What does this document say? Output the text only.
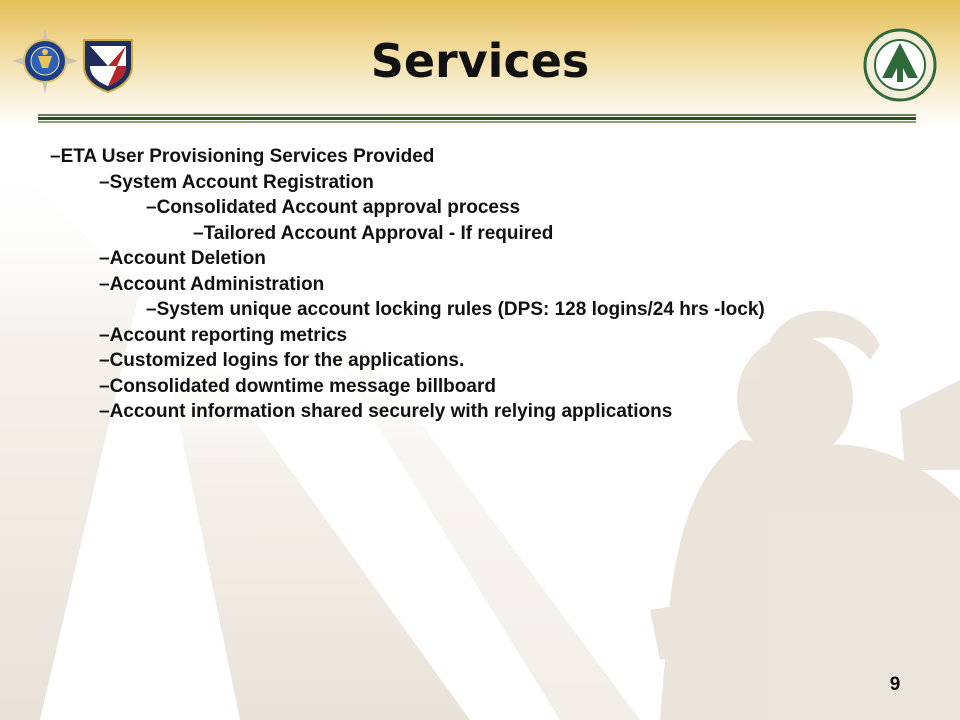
Services
–ETA User Provisioning Services Provided
–System Account Registration
–Consolidated Account approval process
–Tailored Account Approval - If required
–Account Deletion
–Account Administration
–System unique account locking rules (DPS: 128 logins/24 hrs -lock)
–Account reporting metrics
–Customized logins for the applications.
–Consolidated downtime message billboard
–Account information shared securely with relying applications
9
